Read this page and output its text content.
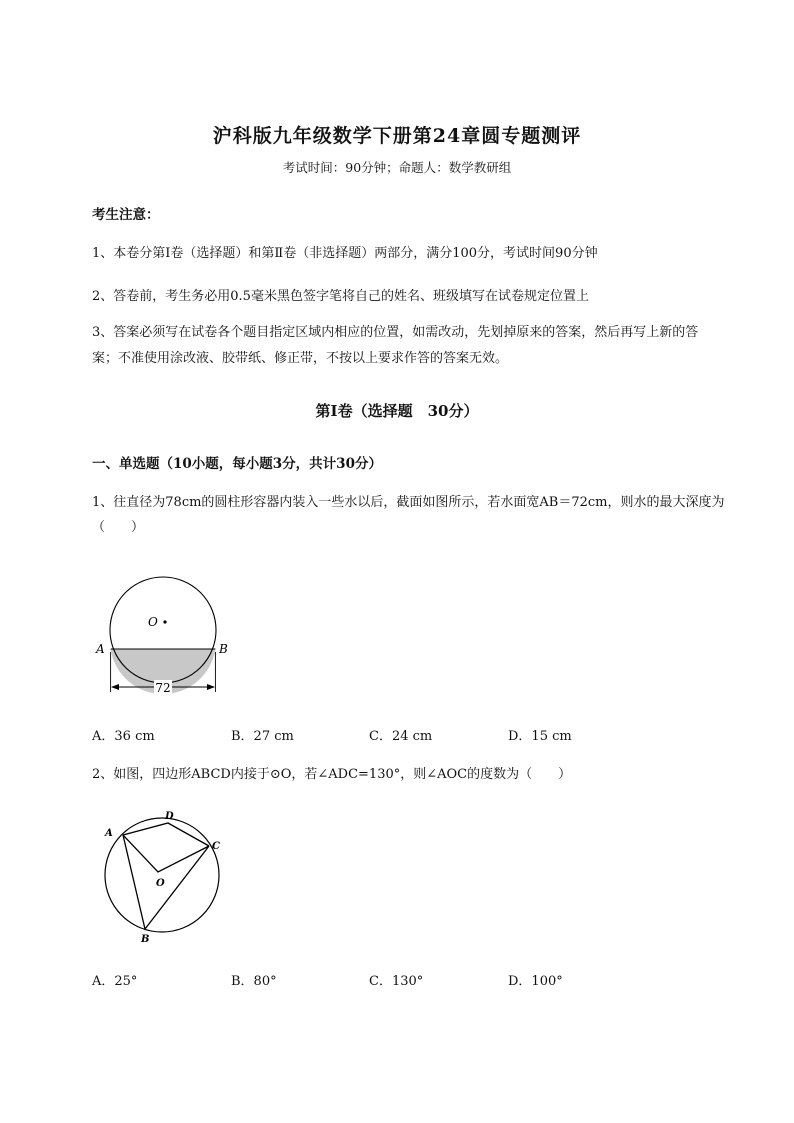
沪科版九年级数学下册第24章圆专题测评
考试时间：90分钟；命题人：数学教研组
考生注意：
1、本卷分第I卷（选择题）和第Ⅱ卷（非选择题）两部分，满分100分，考试时间90分钟
2、答卷前，考生务必用0.5毫米黑色签字笔将自己的姓名、班级填写在试卷规定位置上
3、答案必须写在试卷各个题目指定区域内相应的位置，如需改动，先划掉原来的答案，然后再写上新的答案；不准使用涂改液、胶带纸、修正带，不按以上要求作答的答案无效。
第I卷（选择题　30分）
一、单选题（10小题，每小题3分，共计30分）
1、往直径为78cm的圆柱形容器内装入一些水以后，截面如图所示，若水面宽AB＝72cm，则水的最大深度为（　　）
O
A	B
72
A．36 cm	B．27 cm	C．24 cm	D．15 cm
2、如图，四边形ABCD内接于⊙O，若∠ADC=130°，则∠AOC的度数为（　　）
A
D
C
O
B
A．25°	B．80°	C．130°	D．100°
